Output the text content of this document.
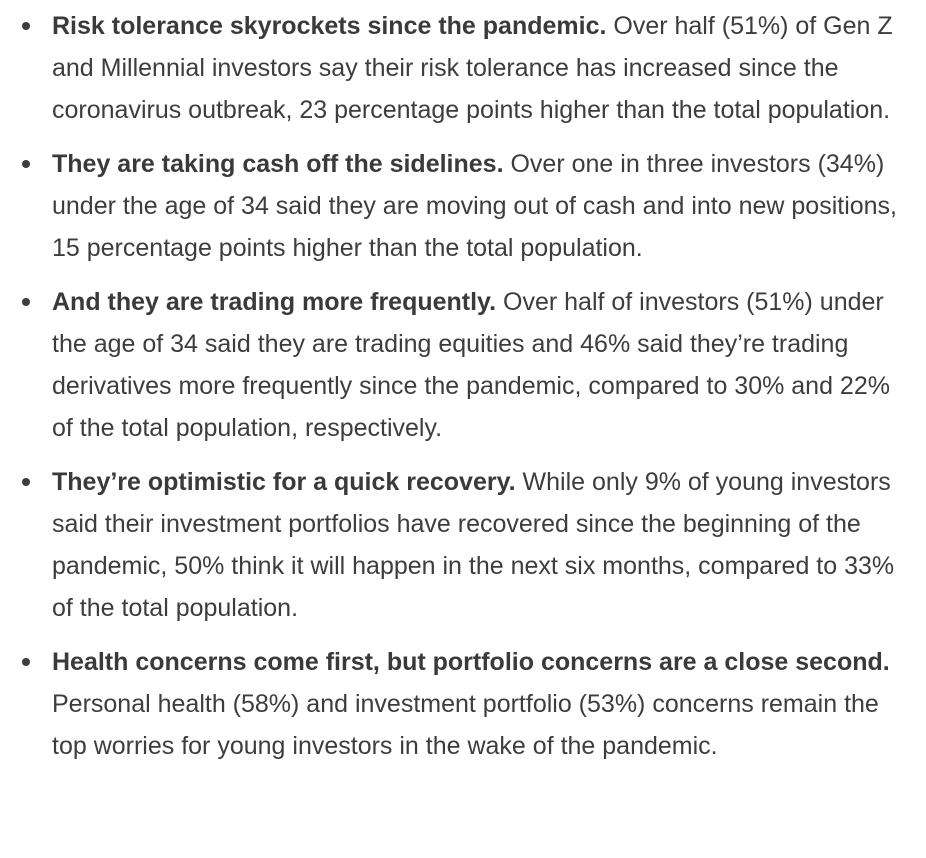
Risk tolerance skyrockets since the pandemic. Over half (51%) of Gen Z and Millennial investors say their risk tolerance has increased since the coronavirus outbreak, 23 percentage points higher than the total population.
They are taking cash off the sidelines. Over one in three investors (34%) under the age of 34 said they are moving out of cash and into new positions, 15 percentage points higher than the total population.
And they are trading more frequently. Over half of investors (51%) under the age of 34 said they are trading equities and 46% said they’re trading derivatives more frequently since the pandemic, compared to 30% and 22% of the total population, respectively.
They’re optimistic for a quick recovery. While only 9% of young investors said their investment portfolios have recovered since the beginning of the pandemic, 50% think it will happen in the next six months, compared to 33% of the total population.
Health concerns come first, but portfolio concerns are a close second. Personal health (58%) and investment portfolio (53%) concerns remain the top worries for young investors in the wake of the pandemic.
